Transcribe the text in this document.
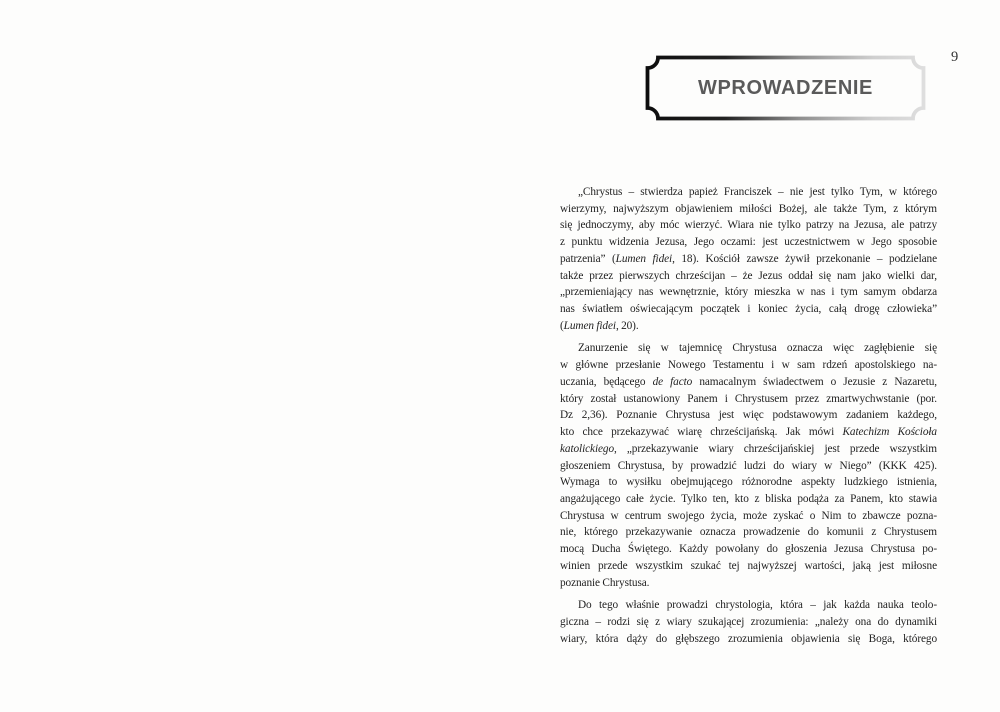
9
WPROWADZENIE
„Chrystus – stwierdza papież Franciszek – nie jest tylko Tym, w którego
wierzymy, najwyższym objawieniem miłości Bożej, ale także Tym, z którym
się jednoczymy, aby móc wierzyć. Wiara nie tylko patrzy na Jezusa, ale patrzy
z punktu widzenia Jezusa, Jego oczami: jest uczestnictwem w Jego sposobie
patrzenia” (Lumen fidei, 18). Kościół zawsze żywił przekonanie – podzielane
także przez pierwszych chrześcijan – że Jezus oddał się nam jako wielki dar,
„przemieniający nas wewnętrznie, który mieszka w nas i tym samym obdarza
nas światłem oświecającym początek i koniec życia, całą drogę człowieka”
(Lumen fidei, 20).
Zanurzenie się w tajemnicę Chrystusa oznacza więc zagłębienie się
w główne przesłanie Nowego Testamentu i w sam rdzeń apostolskiego na-
uczania, będącego de facto namacalnym świadectwem o Jezusie z Nazaretu,
który został ustanowiony Panem i Chrystusem przez zmartwychwstanie (por.
Dz 2,36). Poznanie Chrystusa jest więc podstawowym zadaniem każdego,
kto chce przekazywać wiarę chrześcijańską. Jak mówi Katechizm Kościoła
katolickiego, „przekazywanie wiary chrześcijańskiej jest przede wszystkim
głoszeniem Chrystusa, by prowadzić ludzi do wiary w Niego” (KKK 425).
Wymaga to wysiłku obejmującego różnorodne aspekty ludzkiego istnienia,
angażującego całe życie. Tylko ten, kto z bliska podąża za Panem, kto stawia
Chrystusa w centrum swojego życia, może zyskać o Nim to zbawcze pozna-
nie, którego przekazywanie oznacza prowadzenie do komunii z Chrystusem
mocą Ducha Świętego. Każdy powołany do głoszenia Jezusa Chrystusa po-
winien przede wszystkim szukać tej najwyższej wartości, jaką jest miłosne
poznanie Chrystusa.
Do tego właśnie prowadzi chrystologia, która – jak każda nauka teolo-
giczna – rodzi się z wiary szukającej zrozumienia: „należy ona do dynamiki
wiary, która dąży do głębszego zrozumienia objawienia się Boga, którego
